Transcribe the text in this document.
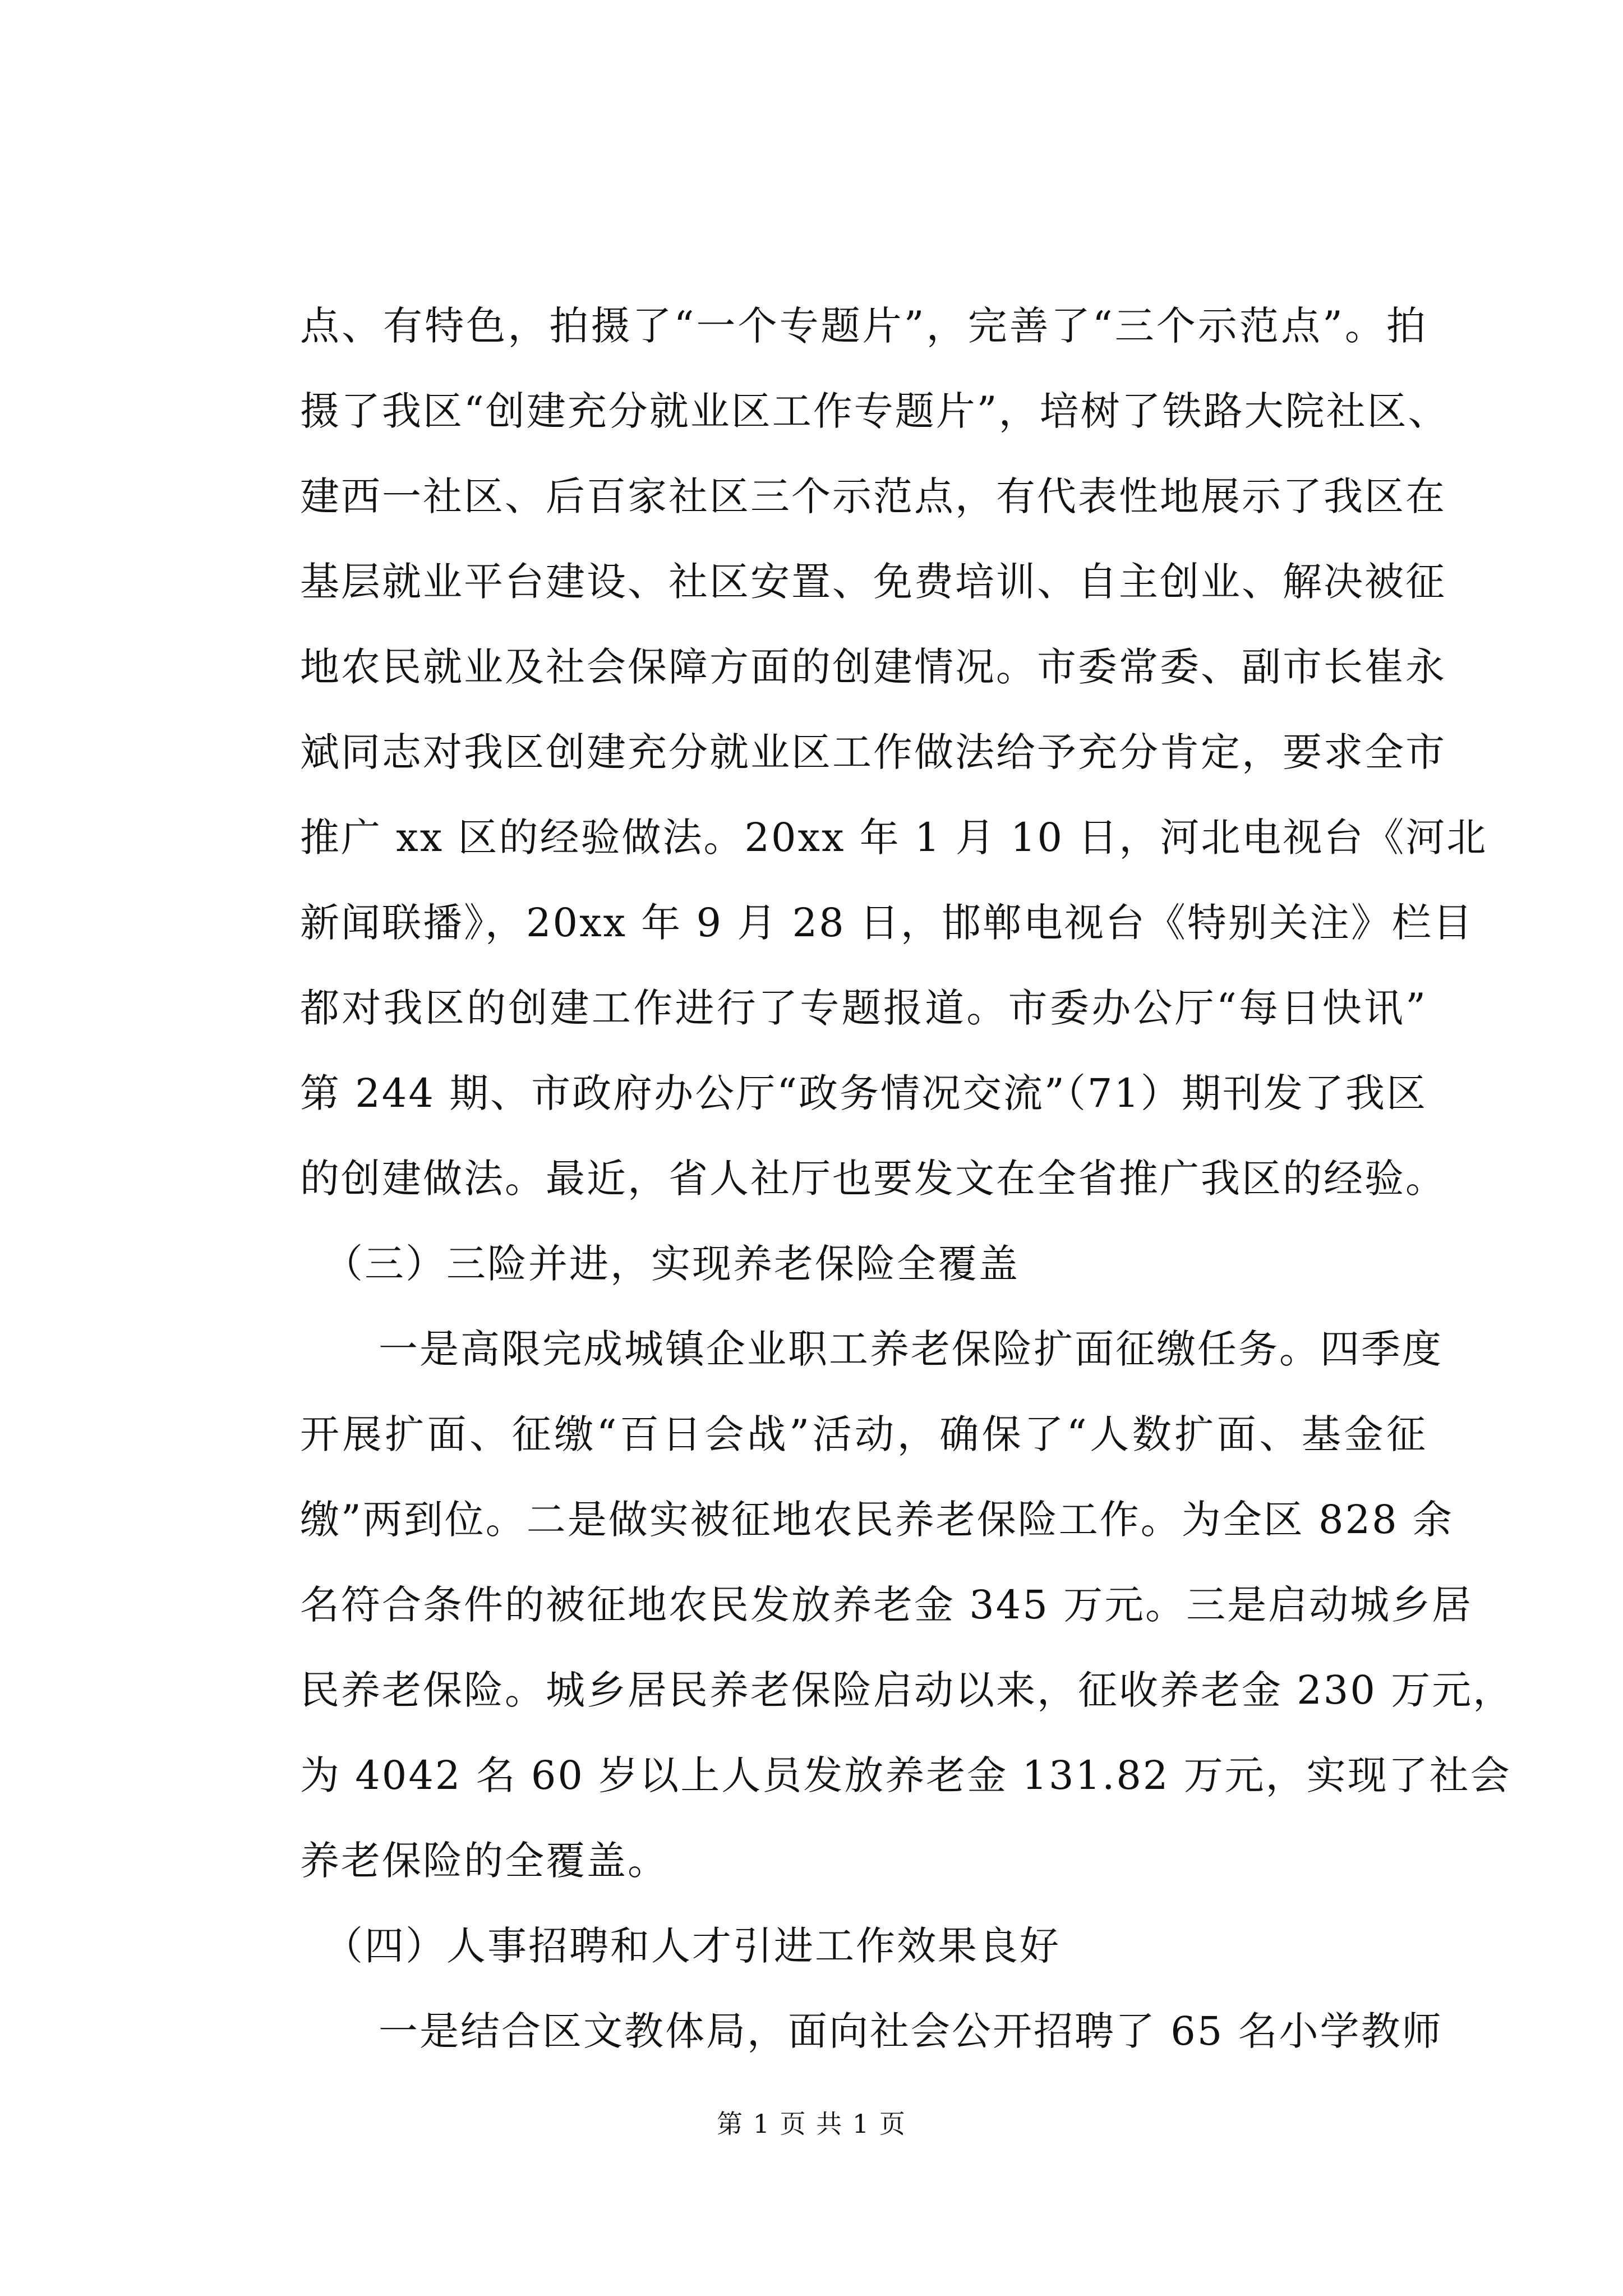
点、有特色，拍摄了“一个专题片”，完善了“三个示范点”。拍
摄了我区“创建充分就业区工作专题片”，培树了铁路大院社区、
建西一社区、后百家社区三个示范点，有代表性地展示了我区在
基层就业平台建设、社区安置、免费培训、自主创业、解决被征
地农民就业及社会保障方面的创建情况。市委常委、副市长崔永
斌同志对我区创建充分就业区工作做法给予充分肯定，要求全市
推广 xx 区的经验做法。20xx 年 1 月 10 日，河北电视台《河北
新闻联播》，20xx 年 9 月 28 日，邯郸电视台《特别关注》栏目
都对我区的创建工作进行了专题报道。市委办公厅“每日快讯”
第 244 期、市政府办公厅“政务情况交流”（71）期刊发了我区
的创建做法。最近，省人社厅也要发文在全省推广我区的经验。
（三）三险并进，实现养老保险全覆盖
一是高限完成城镇企业职工养老保险扩面征缴任务。四季度
开展扩面、征缴“百日会战”活动，确保了“人数扩面、基金征
缴”两到位。二是做实被征地农民养老保险工作。为全区 828 余
名符合条件的被征地农民发放养老金 345 万元。三是启动城乡居
民养老保险。城乡居民养老保险启动以来，征收养老金 230 万元，
为 4042 名 60 岁以上人员发放养老金 131.82 万元，实现了社会
养老保险的全覆盖。
（四）人事招聘和人才引进工作效果良好
一是结合区文教体局，面向社会公开招聘了 65 名小学教师
第 1 页 共 1 页
